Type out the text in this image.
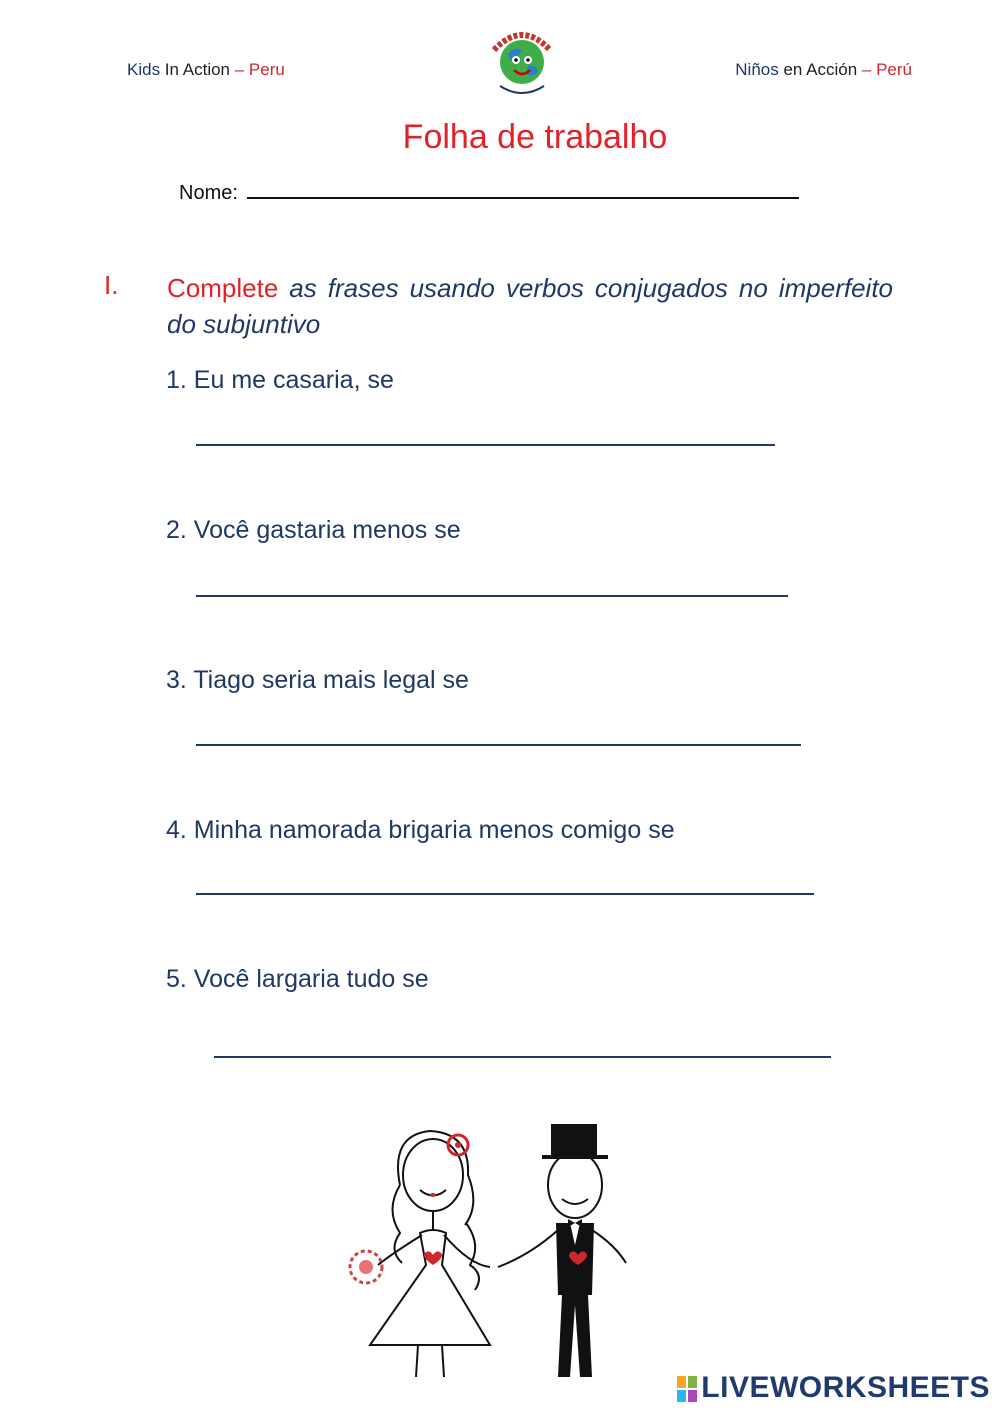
Kids In Action – Peru	Niños en Acción – Perú
Folha de trabalho
Nome:
I. Complete as frases usando verbos conjugados no imperfeito do subjuntivo
1. Eu me casaria, se
2. Você gastaria menos se
3. Tiago seria mais legal se
4. Minha namorada brigaria menos comigo se
5. Você largaria tudo se
LIVEWORKSHEETS
